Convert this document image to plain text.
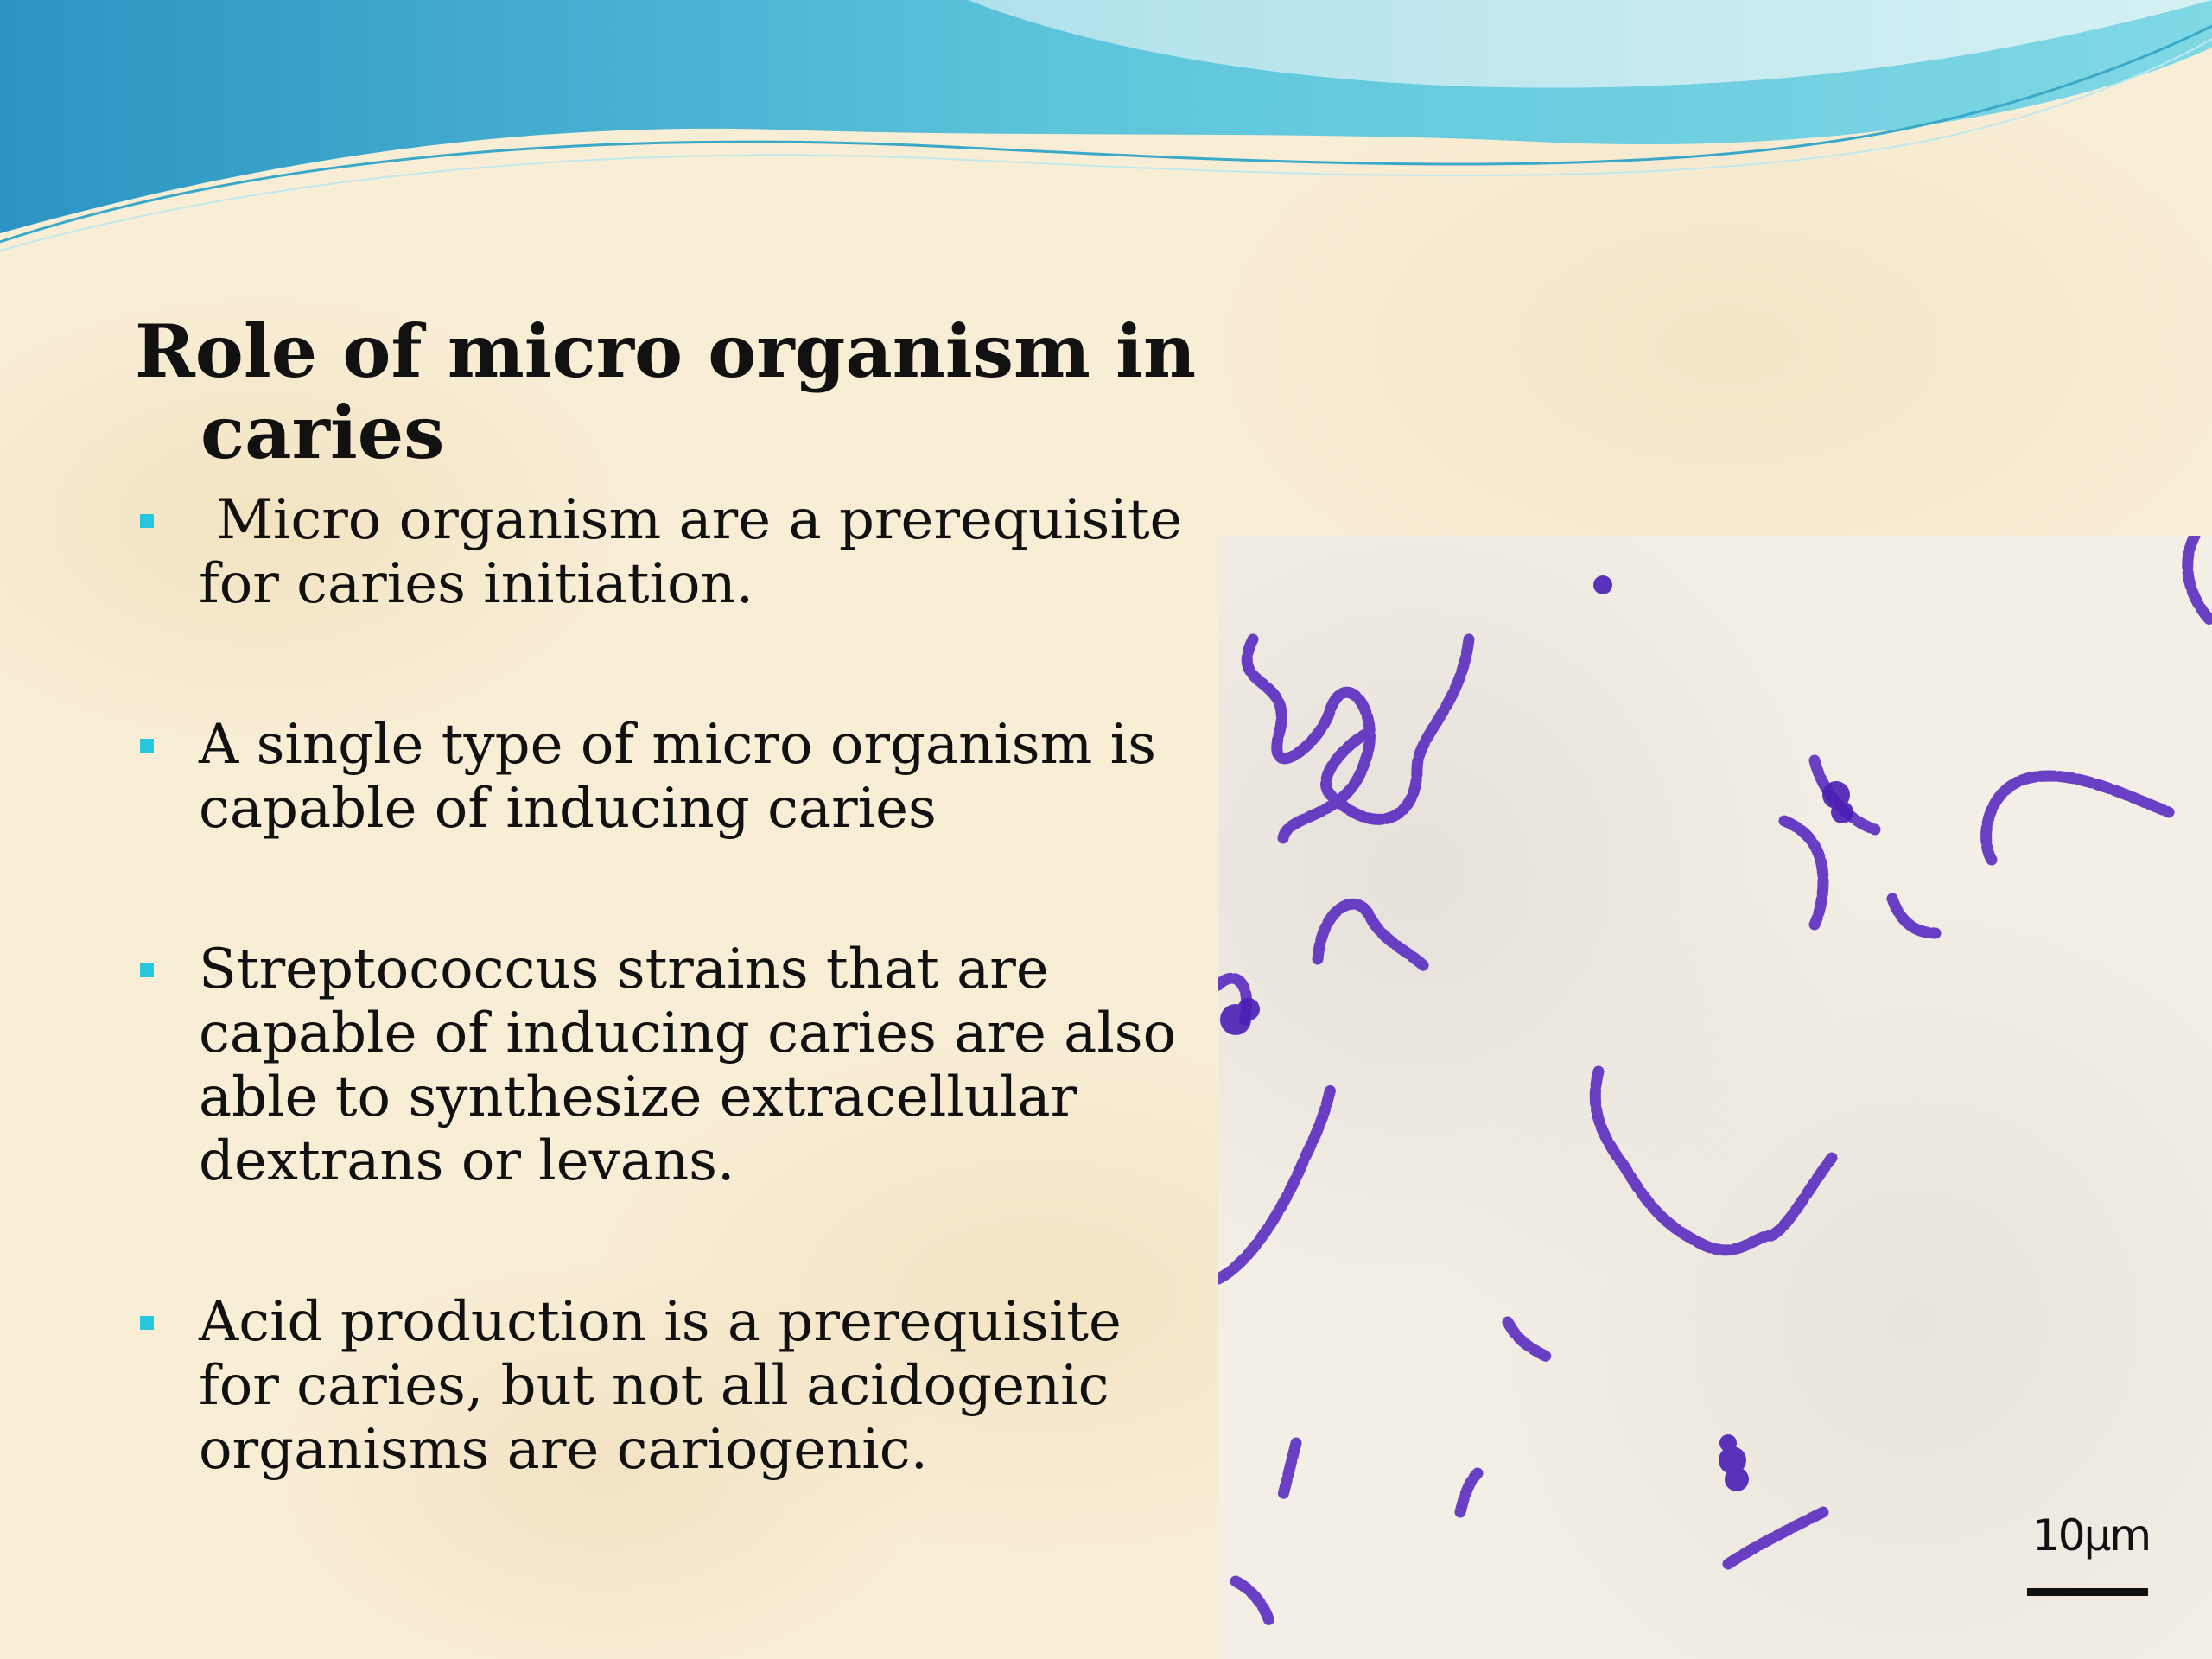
Role of micro organism in caries
Micro organism are a prerequisite for caries initiation.
A single type of micro organism is capable of inducing caries
Streptococcus strains that are capable of inducing caries are also able to synthesize extracellular dextrans or levans.
Acid production is a prerequisite for caries, but not all acidogenic organisms are cariogenic.
10μm
